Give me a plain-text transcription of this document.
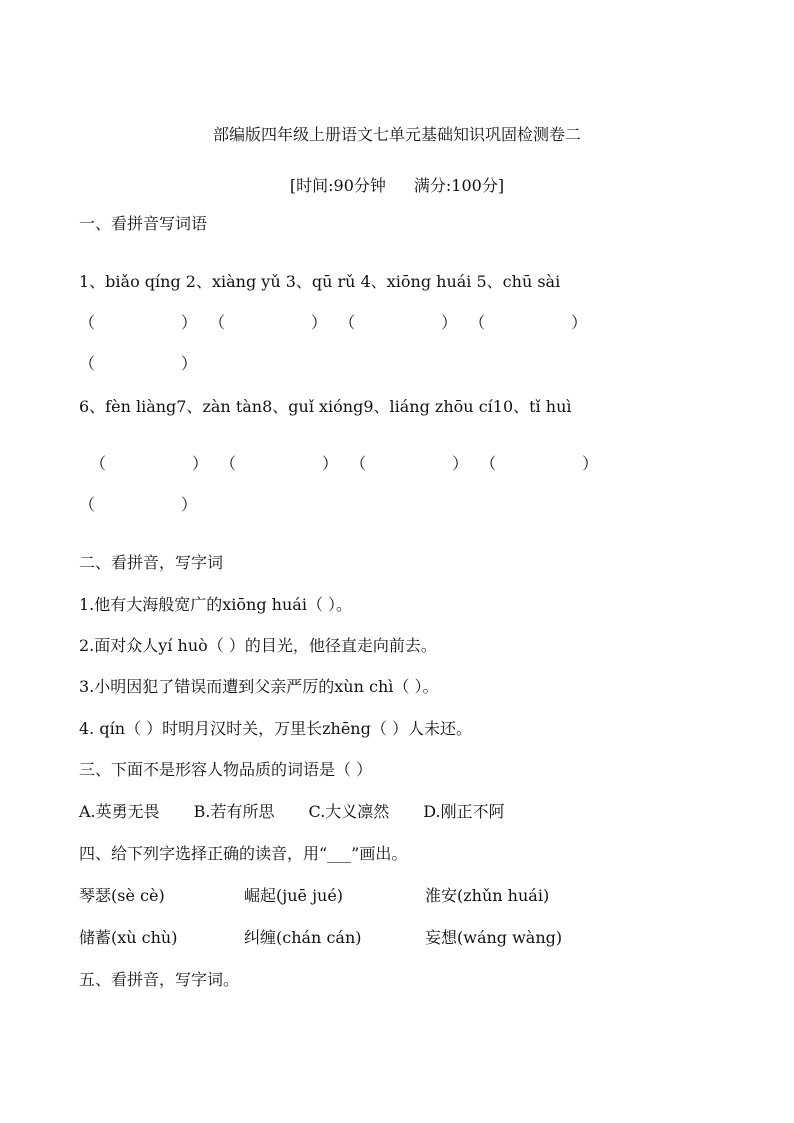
部编版四年级上册语文七单元基础知识巩固检测卷二
[时间:90分钟 满分:100分]
一、看拼音写词语
1、biǎo qíng 2、xiàng yǔ 3、qū rǔ 4、xiōng huái 5、chū sài
（	） （	） （	） （	）
（	）
6、fèn liàng7、zàn tàn8、guǐ xióng9、liáng zhōu cí10、tǐ huì
（	） （	） （	） （	）
（	）
二、看拼音，写字词
1.他有大海般宽广的xiōng huái（ ）。
2.面对众人yí huò（ ）的目光，他径直走向前去。
3.小明因犯了错误而遭到父亲严厉的xùn chì（ ）。
4. qín（ ）时明月汉时关，万里长zhēng（ ）人未还。
三、下面不是形容人物品质的词语是（ ）
A.英勇无畏 B.若有所思 C.大义凛然 D.刚正不阿
四、给下列字选择正确的读音，用“___”画出。
琴瑟(sè cè)	崛起(juē jué)	淮安(zhǔn huái)
储蓄(xù chù)	纠缠(chán cán)	妄想(wáng wàng)
五、看拼音，写字词。
